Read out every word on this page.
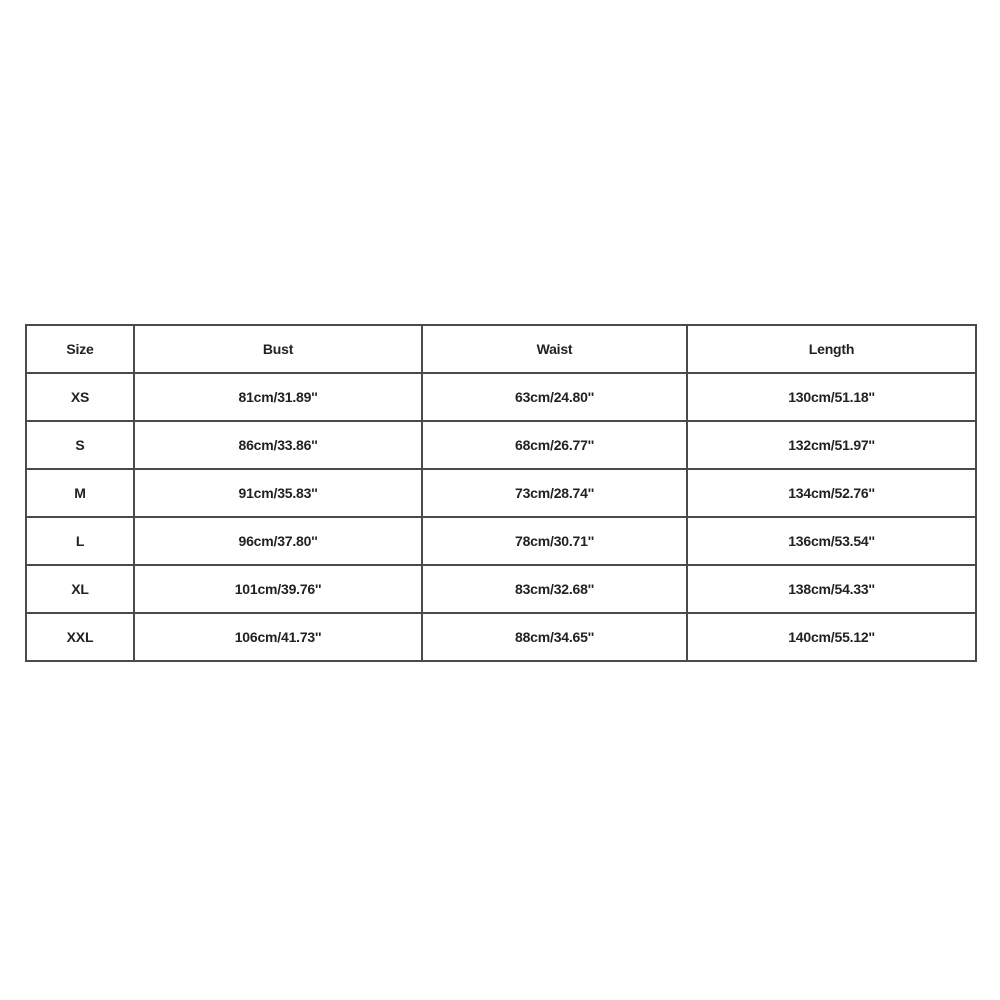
Size	Bust	Waist	Length
XS	81cm/31.89''	63cm/24.80''	130cm/51.18''
S	86cm/33.86''	68cm/26.77''	132cm/51.97''
M	91cm/35.83''	73cm/28.74''	134cm/52.76''
L	96cm/37.80''	78cm/30.71''	136cm/53.54''
XL	101cm/39.76''	83cm/32.68''	138cm/54.33''
XXL	106cm/41.73''	88cm/34.65''	140cm/55.12''
